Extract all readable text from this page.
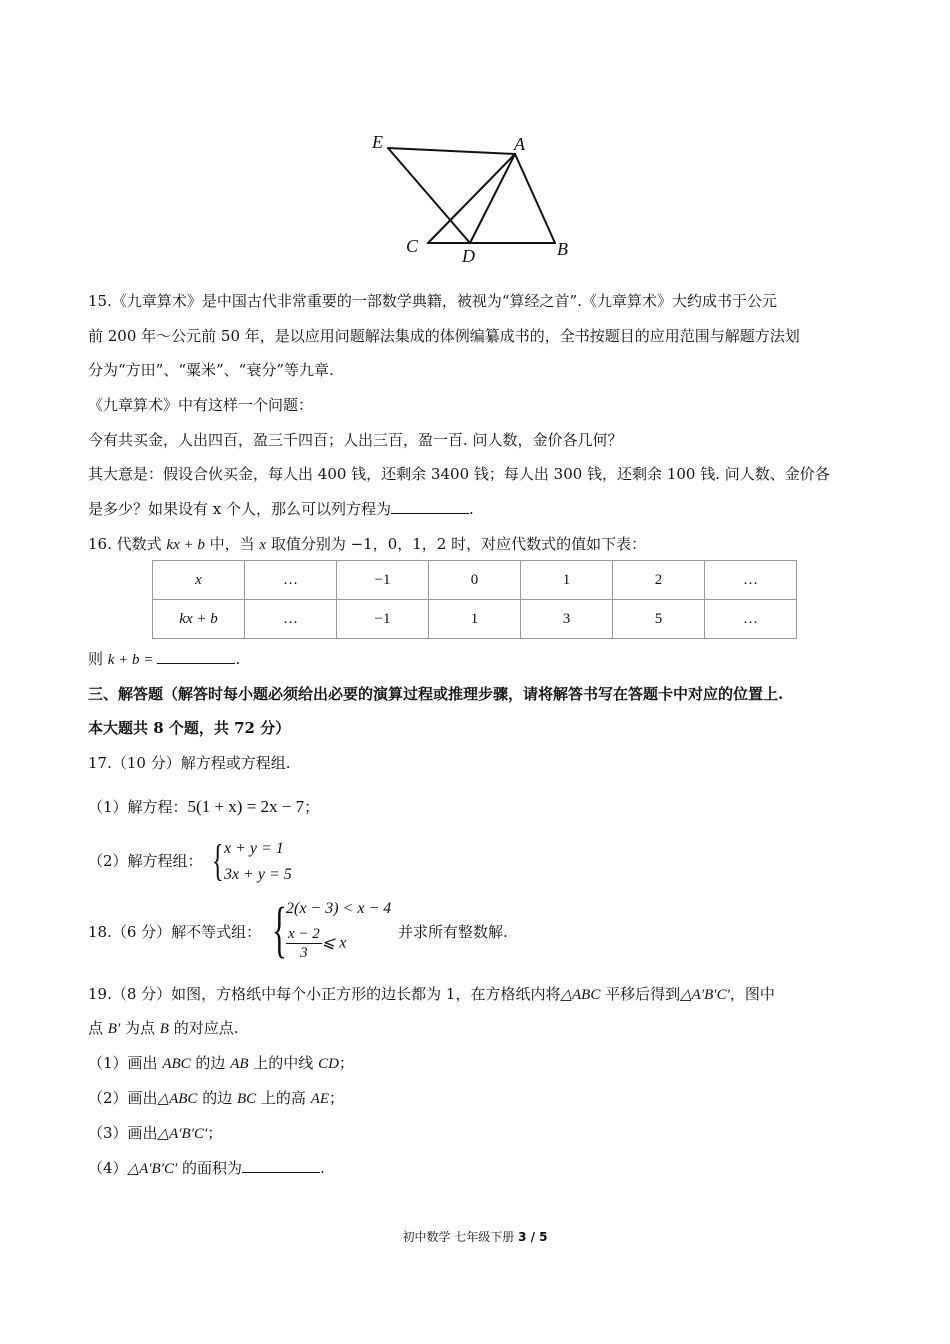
E	A
C D	B
15.《九章算术》是中国古代非常重要的一部数学典籍，被视为“算经之首”.《九章算术》大约成书于公元
前 200 年～公元前 50 年，是以应用问题解法集成的体例编纂成书的，全书按题目的应用范围与解题方法划
分为“方田”、“粟米”、“衰分”等九章.
《九章算术》中有这样一个问题：
今有共买金，人出四百，盈三千四百；人出三百，盈一百. 问人数，金价各几何？
其大意是：假设合伙买金，每人出 400 钱，还剩余 3400 钱；每人出 300 钱，还剩余 100 钱. 问人数、金价各
是多少？如果设有 x 个人，那么可以列方程为	.
16. 代数式 kx + b 中，当 x 取值分别为 −1，0，1，2 时，对应代数式的值如下表：
x	…	−1	0	1	2	…
kx + b	…	−1	1	3	5	…
则 k + b =	.
三、解答题（解答时每小题必须给出必要的演算过程或推理步骤，请将解答书写在答题卡中对应的位置上.
本大题共 8 个题，共 72 分）
17.（10 分）解方程或方程组.
（1）解方程：5(1 + x) = 2x − 7；
（2）解方程组： { x + y = 1
3x + y = 5
18.（6 分）解不等式组： { 2(x − 3) < x − 4
$\frac{x - 2}{3}$ ⩽ x
并求所有整数解.
19.（8 分）如图，方格纸中每个小正方形的边长都为 1，在方格纸内将△ABC 平移后得到△A′B′C′，图中
点 B′ 为点 B 的对应点.
（1）画出 ABC 的边 AB 上的中线 CD；
（2）画出△ABC 的边 BC 上的高 AE；
（3）画出△A′B′C′；
（4）△A′B′C′ 的面积为	.
初中数学 七年级下册 3 / 5
